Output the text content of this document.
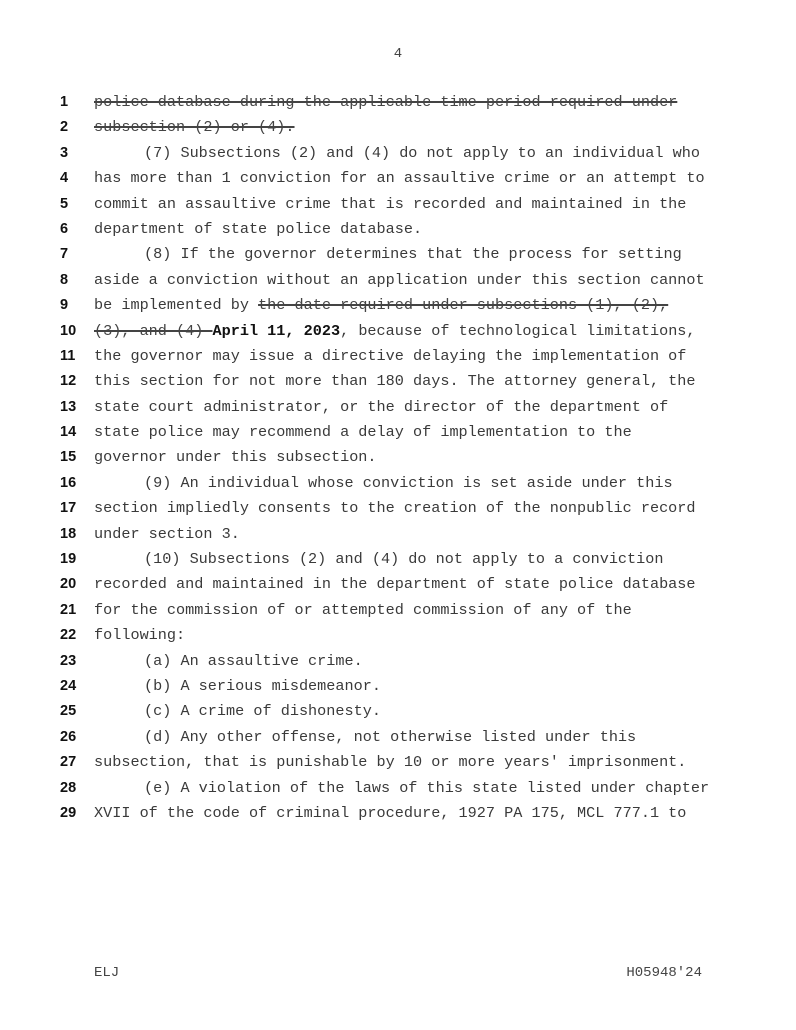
4
1	police database during the applicable time period required under
2	subsection (2) or (4).
3	(7) Subsections (2) and (4) do not apply to an individual who
4	has more than 1 conviction for an assaultive crime or an attempt to
5	commit an assaultive crime that is recorded and maintained in the
6	department of state police database.
7	(8) If the governor determines that the process for setting
8	aside a conviction without an application under this section cannot
9	be implemented by the date required under subsections (1), (2),
10	(3), and (4) April 11, 2023, because of technological limitations,
11	the governor may issue a directive delaying the implementation of
12	this section for not more than 180 days. The attorney general, the
13	state court administrator, or the director of the department of
14	state police may recommend a delay of implementation to the
15	governor under this subsection.
16	(9) An individual whose conviction is set aside under this
17	section impliedly consents to the creation of the nonpublic record
18	under section 3.
19	(10) Subsections (2) and (4) do not apply to a conviction
20	recorded and maintained in the department of state police database
21	for the commission of or attempted commission of any of the
22	following:
23	(a) An assaultive crime.
24	(b) A serious misdemeanor.
25	(c) A crime of dishonesty.
26	(d) Any other offense, not otherwise listed under this
27	subsection, that is punishable by 10 or more years' imprisonment.
28	(e) A violation of the laws of this state listed under chapter
29	XVII of the code of criminal procedure, 1927 PA 175, MCL 777.1 to
ELJ	H05948'24
